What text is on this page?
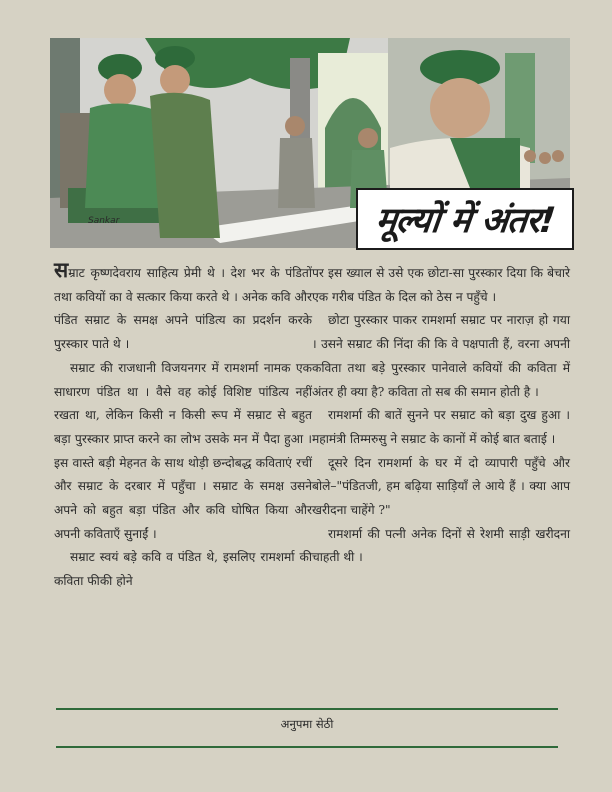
Sankar	मूल्यों में अंतर!

सम्राट कृष्णदेवराय साहित्य प्रेमी थे । देश भर के पंडितों तथा कवियों का वे सत्कार किया करते थे । अनेक कवि और पंडित सम्राट के समक्ष अपने पांडित्य का प्रदर्शन करके पुरस्कार पाते थे ।

सम्राट की राजधानी विजयनगर में रामशर्मा नामक एक साधारण पंडित था । वैसे वह कोई विशिष्ट पांडित्य नहीं रखता था, लेकिन किसी न किसी रूप में सम्राट से बहुत बड़ा पुरस्कार प्राप्त करने का लोभ उसके मन में पैदा हुआ । इस वास्ते बड़ी मेहनत के साथ थोड़ी छन्दोबद्ध कविताएं रचीं और सम्राट के दरबार में पहुँचा । सम्राट के समक्ष उसने अपने को बहुत बड़ा पंडित और कवि घोषित किया और अपनी कविताएँ सुनाईं ।

सम्राट स्वयं बड़े कवि व पंडित थे, इसलिए रामशर्मा की कविता फीकी होने

पर इस ख्याल से उसे एक छोटा-सा पुरस्कार दिया कि बेचारे एक गरीब पंडित के दिल को ठेस न पहुँचे ।

छोटा पुरस्कार पाकर रामशर्मा सम्राट पर नाराज़ हो गया । उसने सम्राट की निंदा की कि वे पक्षपाती हैं, वरना अपनी कविता तथा बड़े पुरस्कार पानेवाले कवियों की कविता में अंतर ही क्या है? कविता तो सब की समान होती है ।

रामशर्मा की बातें सुनने पर सम्राट को बड़ा दुख हुआ । महामंत्री तिम्मरुसु ने सम्राट के कानों में कोई बात बताई ।

दूसरे दिन रामशर्मा के घर में दो व्यापारी पहुँचे और बोले–"पंडितजी, हम बढ़िया साड़ियाँ ले आये हैं । क्या आप खरीदना चाहेंगे ?"

रामशर्मा की पत्नी अनेक दिनों से रेशमी साड़ी खरीदना चाहती थी ।

अनुपमा सेठी
